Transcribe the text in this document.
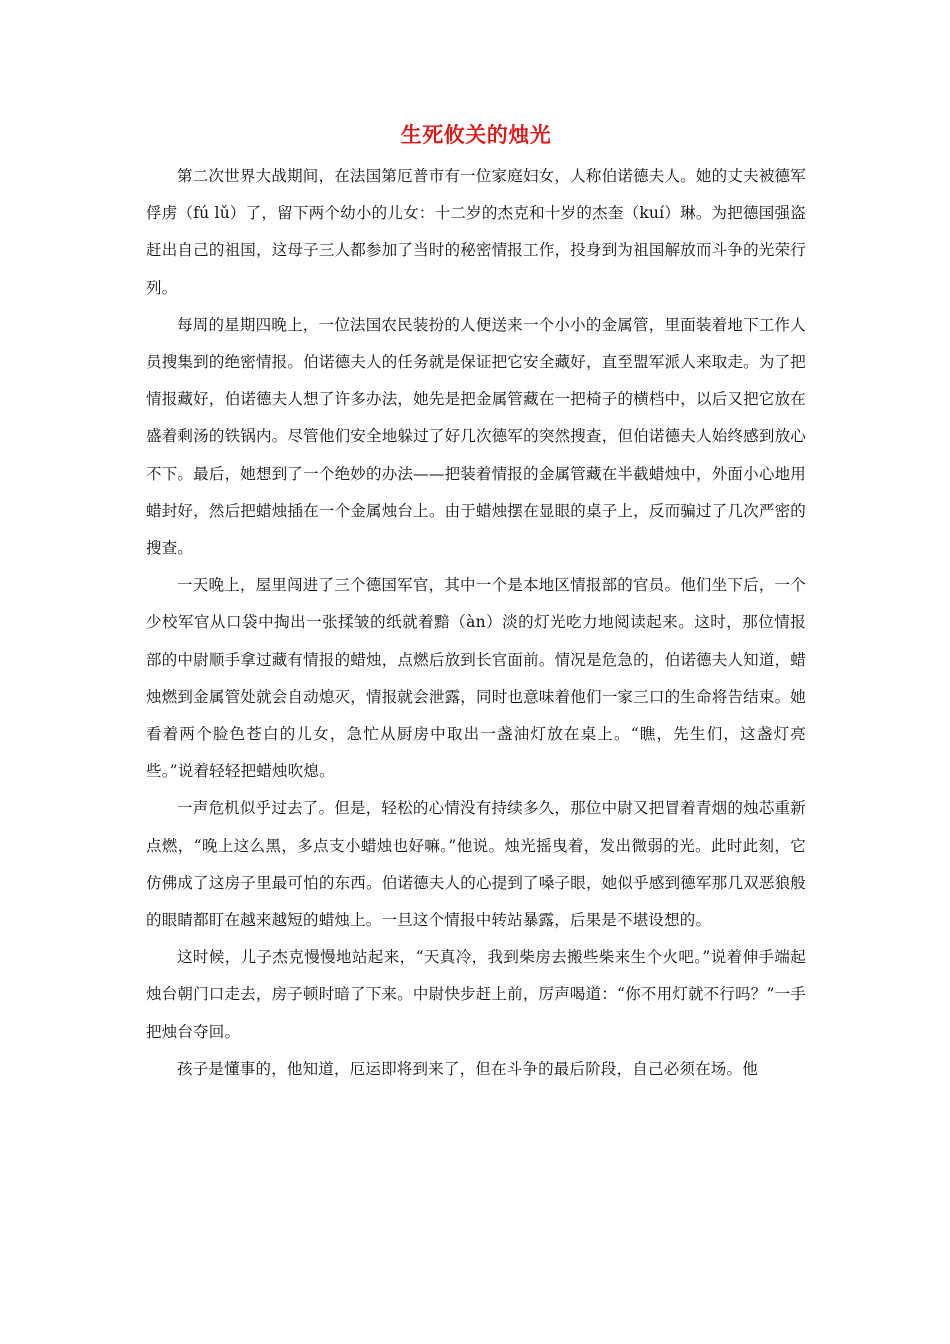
生死攸关的烛光

第二次世界大战期间，在法国第厄普市有一位家庭妇女，人称伯诺德夫人。她的丈夫被德军俘虏（fú lǔ）了，留下两个幼小的儿女：十二岁的杰克和十岁的杰奎（kuí）琳。为把德国强盗赶出自己的祖国，这母子三人都参加了当时的秘密情报工作，投身到为祖国解放而斗争的光荣行列。

每周的星期四晚上，一位法国农民装扮的人便送来一个小小的金属管，里面装着地下工作人员搜集到的绝密情报。伯诺德夫人的任务就是保证把它安全藏好，直至盟军派人来取走。为了把情报藏好，伯诺德夫人想了许多办法，她先是把金属管藏在一把椅子的横档中，以后又把它放在盛着剩汤的铁锅内。尽管他们安全地躲过了好几次德军的突然搜查，但伯诺德夫人始终感到放心不下。最后，她想到了一个绝妙的办法——把装着情报的金属管藏在半截蜡烛中，外面小心地用蜡封好，然后把蜡烛插在一个金属烛台上。由于蜡烛摆在显眼的桌子上，反而骗过了几次严密的搜查。

一天晚上，屋里闯进了三个德国军官，其中一个是本地区情报部的官员。他们坐下后，一个少校军官从口袋中掏出一张揉皱的纸就着黯（àn）淡的灯光吃力地阅读起来。这时，那位情报部的中尉顺手拿过藏有情报的蜡烛，点燃后放到长官面前。情况是危急的，伯诺德夫人知道，蜡烛燃到金属管处就会自动熄灭，情报就会泄露，同时也意味着他们一家三口的生命将告结束。她看着两个脸色苍白的儿女，急忙从厨房中取出一盏油灯放在桌上。“瞧，先生们，这盏灯亮些。”说着轻轻把蜡烛吹熄。

一声危机似乎过去了。但是，轻松的心情没有持续多久，那位中尉又把冒着青烟的烛芯重新点燃，“晚上这么黑，多点支小蜡烛也好嘛。”他说。烛光摇曳着，发出微弱的光。此时此刻，它仿佛成了这房子里最可怕的东西。伯诺德夫人的心提到了嗓子眼，她似乎感到德军那几双恶狼般的眼睛都盯在越来越短的蜡烛上。一旦这个情报中转站暴露，后果是不堪设想的。

这时候，儿子杰克慢慢地站起来，“天真冷，我到柴房去搬些柴来生个火吧。”说着伸手端起烛台朝门口走去，房子顿时暗了下来。中尉快步赶上前，厉声喝道：“你不用灯就不行吗？”一手把烛台夺回。

孩子是懂事的，他知道，厄运即将到来了，但在斗争的最后阶段，自己必须在场。他
